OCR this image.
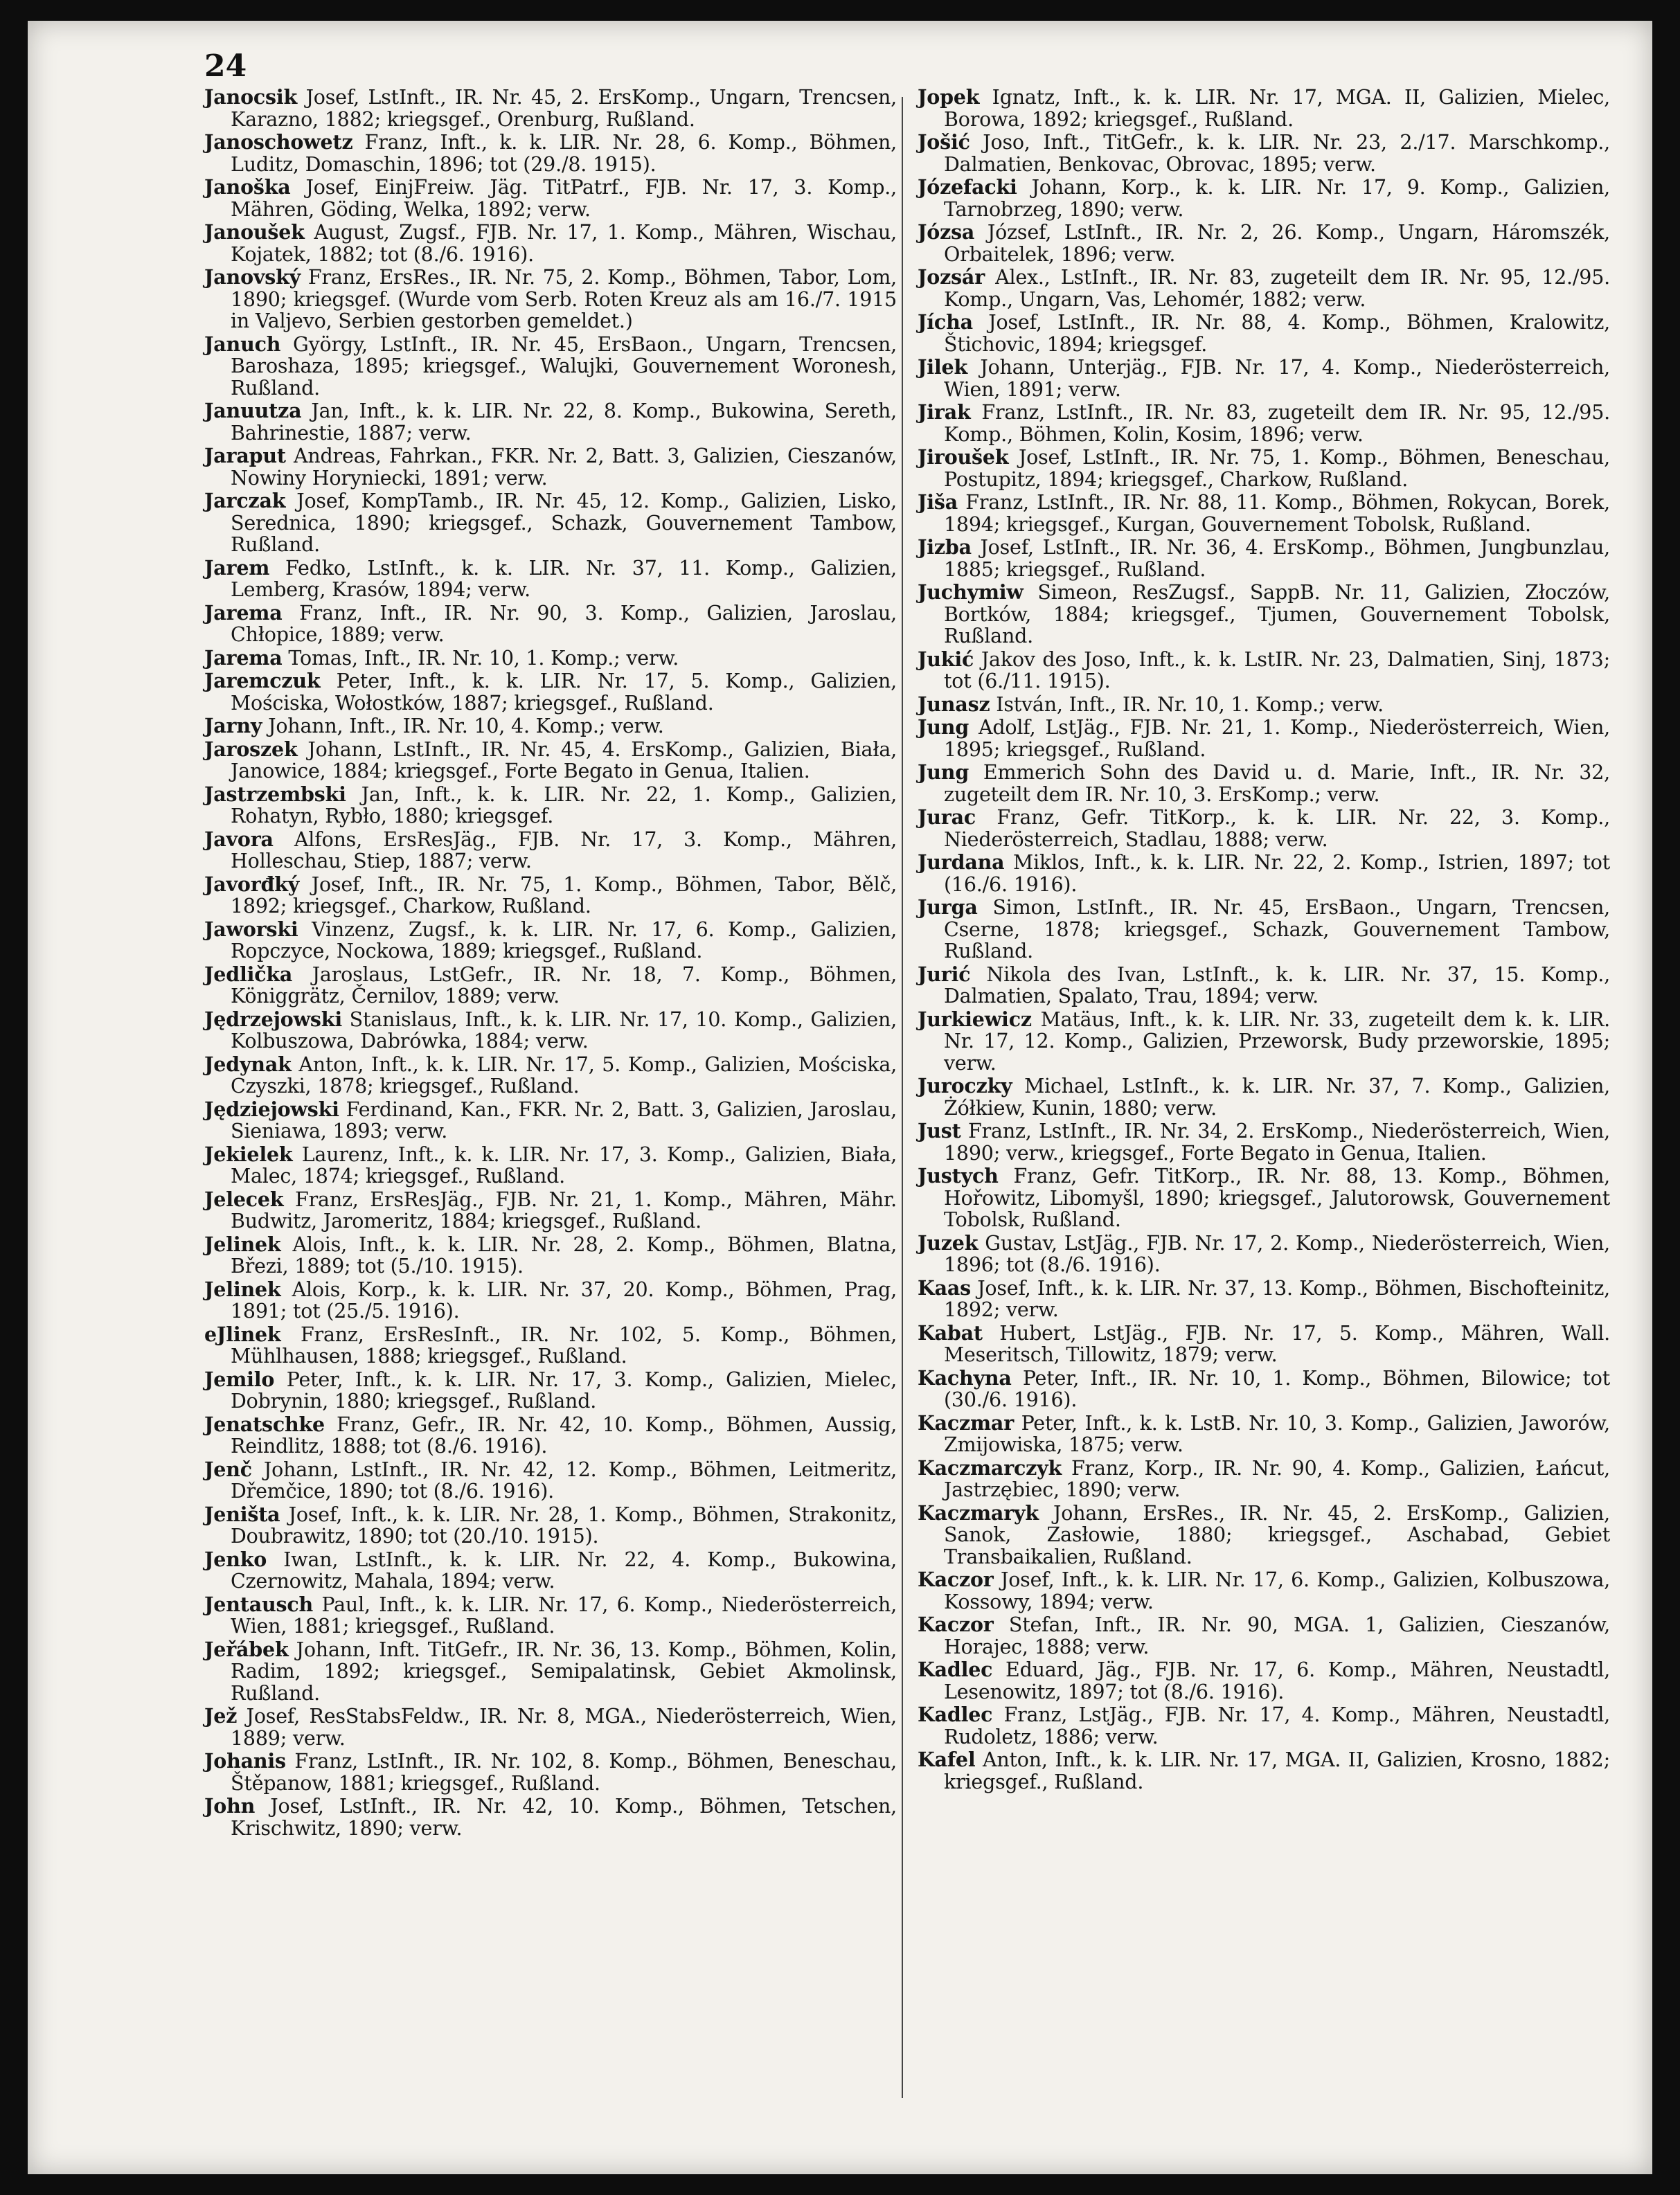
24

Janocsik Josef, LstInft., IR. Nr. 45, 2. ErsKomp., Ungarn, Trencsen, Karazno, 1882; kriegsgef., Orenburg, Rußland.

Janoschowetz Franz, Inft., k. k. LIR. Nr. 28, 6. Komp., Böhmen, Luditz, Domaschin, 1896; tot (29./8. 1915).

Janoška Josef, EinjFreiw. Jäg. TitPatrf., FJB. Nr. 17, 3. Komp., Mähren, Göding, Welka, 1892; verw.

Janoušek August, Zugsf., FJB. Nr. 17, 1. Komp., Mähren, Wischau, Kojatek, 1882; tot (8./6. 1916).

Janovský Franz, ErsRes., IR. Nr. 75, 2. Komp., Böhmen, Tabor, Lom, 1890; kriegsgef. (Wurde vom Serb. Roten Kreuz als am 16./7. 1915 in Valjevo, Serbien gestorben gemeldet.)

Januch György, LstInft., IR. Nr. 45, ErsBaon., Ungarn, Trencsen, Baroshaza, 1895; kriegsgef., Walujki, Gouvernement Woronesh, Rußland.

Januutza Jan, Inft., k. k. LIR. Nr. 22, 8. Komp., Bukowina, Sereth, Bahrinestie, 1887; verw.

Jaraput Andreas, Fahrkan., FKR. Nr. 2, Batt. 3, Galizien, Cieszanów, Nowiny Horyniecki, 1891; verw.

Jarczak Josef, KompTamb., IR. Nr. 45, 12. Komp., Galizien, Lisko, Serednica, 1890; kriegsgef., Schazk, Gouvernement Tambow, Rußland.

Jarem Fedko, LstInft., k. k. LIR. Nr. 37, 11. Komp., Galizien, Lemberg, Krasów, 1894; verw.

Jarema Franz, Inft., IR. Nr. 90, 3. Komp., Galizien, Jaroslau, Chłopice, 1889; verw.

Jarema Tomas, Inft., IR. Nr. 10, 1. Komp.; verw.

Jaremczuk Peter, Inft., k. k. LIR. Nr. 17, 5. Komp., Galizien, Mościska, Wołostków, 1887; kriegsgef., Rußland.

Jarny Johann, Inft., IR. Nr. 10, 4. Komp.; verw.

Jaroszek Johann, LstInft., IR. Nr. 45, 4. ErsKomp., Galizien, Biała, Janowice, 1884; kriegsgef., Forte Begato in Genua, Italien.

Jastrzembski Jan, Inft., k. k. LIR. Nr. 22, 1. Komp., Galizien, Rohatyn, Rybło, 1880; kriegsgef.

Javora Alfons, ErsResJäg., FJB. Nr. 17, 3. Komp., Mähren, Holleschau, Stiep, 1887; verw.

Javorđký Josef, Inft., IR. Nr. 75, 1. Komp., Böhmen, Tabor, Bělč, 1892; kriegsgef., Charkow, Rußland.

Jaworski Vinzenz, Zugsf., k. k. LIR. Nr. 17, 6. Komp., Galizien, Ropczyce, Nockowa, 1889; kriegsgef., Rußland.

Jedlička Jaroslaus, LstGefr., IR. Nr. 18, 7. Komp., Böhmen, Königgrätz, Černilov, 1889; verw.

Jędrzejowski Stanislaus, Inft., k. k. LIR. Nr. 17, 10. Komp., Galizien, Kolbuszowa, Dabrówka, 1884; verw.

Jedynak Anton, Inft., k. k. LIR. Nr. 17, 5. Komp., Galizien, Mościska, Czyszki, 1878; kriegsgef., Rußland.

Jędziejowski Ferdinand, Kan., FKR. Nr. 2, Batt. 3, Galizien, Jaroslau, Sieniawa, 1893; verw.

Jekielek Laurenz, Inft., k. k. LIR. Nr. 17, 3. Komp., Galizien, Biała, Malec, 1874; kriegsgef., Rußland.

Jelecek Franz, ErsResJäg., FJB. Nr. 21, 1. Komp., Mähren, Mähr. Budwitz, Jaromeritz, 1884; kriegsgef., Rußland.

Jelinek Alois, Inft., k. k. LIR. Nr. 28, 2. Komp., Böhmen, Blatna, Březi, 1889; tot (5./10. 1915).

Jelinek Alois, Korp., k. k. LIR. Nr. 37, 20. Komp., Böhmen, Prag, 1891; tot (25./5. 1916).

eJlinek Franz, ErsResInft., IR. Nr. 102, 5. Komp., Böhmen, Mühlhausen, 1888; kriegsgef., Rußland.

Jemilo Peter, Inft., k. k. LIR. Nr. 17, 3. Komp., Galizien, Mielec, Dobrynin, 1880; kriegsgef., Rußland.

Jenatschke Franz, Gefr., IR. Nr. 42, 10. Komp., Böhmen, Aussig, Reindlitz, 1888; tot (8./6. 1916).

Jenč Johann, LstInft., IR. Nr. 42, 12. Komp., Böhmen, Leitmeritz, Dřemčice, 1890; tot (8./6. 1916).

Jeništa Josef, Inft., k. k. LIR. Nr. 28, 1. Komp., Böhmen, Strakonitz, Doubrawitz, 1890; tot (20./10. 1915).

Jenko Iwan, LstInft., k. k. LIR. Nr. 22, 4. Komp., Bukowina, Czernowitz, Mahala, 1894; verw.

Jentausch Paul, Inft., k. k. LIR. Nr. 17, 6. Komp., Niederösterreich, Wien, 1881; kriegsgef., Rußland.

Jeřábek Johann, Inft. TitGefr., IR. Nr. 36, 13. Komp., Böhmen, Kolin, Radim, 1892; kriegsgef., Semipalatinsk, Gebiet Akmolinsk, Rußland.

Jež Josef, ResStabsFeldw., IR. Nr. 8, MGA., Niederösterreich, Wien, 1889; verw.

Johanis Franz, LstInft., IR. Nr. 102, 8. Komp., Böhmen, Beneschau, Štěpanow, 1881; kriegsgef., Rußland.

John Josef, LstInft., IR. Nr. 42, 10. Komp., Böhmen, Tetschen, Krischwitz, 1890; verw.

Jopek Ignatz, Inft., k. k. LIR. Nr. 17, MGA. II, Galizien, Mielec, Borowa, 1892; kriegsgef., Rußland.

Jošić Joso, Inft., TitGefr., k. k. LIR. Nr. 23, 2./17. Marschkomp., Dalmatien, Benkovac, Obrovac, 1895; verw.

Józefacki Johann, Korp., k. k. LIR. Nr. 17, 9. Komp., Galizien, Tarnobrzeg, 1890; verw.

Józsa József, LstInft., IR. Nr. 2, 26. Komp., Ungarn, Háromszék, Orbaitelek, 1896; verw.

Jozsár Alex., LstInft., IR. Nr. 83, zugeteilt dem IR. Nr. 95, 12./95. Komp., Ungarn, Vas, Lehomér, 1882; verw.

Jícha Josef, LstInft., IR. Nr. 88, 4. Komp., Böhmen, Kralowitz, Štichovic, 1894; kriegsgef.

Jilek Johann, Unterjäg., FJB. Nr. 17, 4. Komp., Niederösterreich, Wien, 1891; verw.

Jirak Franz, LstInft., IR. Nr. 83, zugeteilt dem IR. Nr. 95, 12./95. Komp., Böhmen, Kolin, Kosim, 1896; verw.

Jiroušek Josef, LstInft., IR. Nr. 75, 1. Komp., Böhmen, Beneschau, Postupitz, 1894; kriegsgef., Charkow, Rußland.

Jiša Franz, LstInft., IR. Nr. 88, 11. Komp., Böhmen, Rokycan, Borek, 1894; kriegsgef., Kurgan, Gouvernement Tobolsk, Rußland.

Jizba Josef, LstInft., IR. Nr. 36, 4. ErsKomp., Böhmen, Jungbunzlau, 1885; kriegsgef., Rußland.

Juchymiw Simeon, ResZugsf., SappB. Nr. 11, Galizien, Złoczów, Bortków, 1884; kriegsgef., Tjumen, Gouvernement Tobolsk, Rußland.

Jukić Jakov des Joso, Inft., k. k. LstIR. Nr. 23, Dalmatien, Sinj, 1873; tot (6./11. 1915).

Junasz István, Inft., IR. Nr. 10, 1. Komp.; verw.

Jung Adolf, LstJäg., FJB. Nr. 21, 1. Komp., Niederösterreich, Wien, 1895; kriegsgef., Rußland.

Jung Emmerich Sohn des David u. d. Marie, Inft., IR. Nr. 32, zugeteilt dem IR. Nr. 10, 3. ErsKomp.; verw.

Jurac Franz, Gefr. TitKorp., k. k. LIR. Nr. 22, 3. Komp., Niederösterreich, Stadlau, 1888; verw.

Jurdana Miklos, Inft., k. k. LIR. Nr. 22, 2. Komp., Istrien, 1897; tot (16./6. 1916).

Jurga Simon, LstInft., IR. Nr. 45, ErsBaon., Ungarn, Trencsen, Cserne, 1878; kriegsgef., Schazk, Gouvernement Tambow, Rußland.

Jurić Nikola des Ivan, LstInft., k. k. LIR. Nr. 37, 15. Komp., Dalmatien, Spalato, Trau, 1894; verw.

Jurkiewicz Matäus, Inft., k. k. LIR. Nr. 33, zugeteilt dem k. k. LIR. Nr. 17, 12. Komp., Galizien, Przeworsk, Budy przeworskie, 1895; verw.

Juroczky Michael, LstInft., k. k. LIR. Nr. 37, 7. Komp., Galizien, Żółkiew, Kunin, 1880; verw.

Just Franz, LstInft., IR. Nr. 34, 2. ErsKomp., Niederösterreich, Wien, 1890; verw., kriegsgef., Forte Begato in Genua, Italien.

Justych Franz, Gefr. TitKorp., IR. Nr. 88, 13. Komp., Böhmen, Hořowitz, Libomyšl, 1890; kriegsgef., Jalutorowsk, Gouvernement Tobolsk, Rußland.

Juzek Gustav, LstJäg., FJB. Nr. 17, 2. Komp., Niederösterreich, Wien, 1896; tot (8./6. 1916).

Kaas Josef, Inft., k. k. LIR. Nr. 37, 13. Komp., Böhmen, Bischofteinitz, 1892; verw.

Kabat Hubert, LstJäg., FJB. Nr. 17, 5. Komp., Mähren, Wall. Meseritsch, Tillowitz, 1879; verw.

Kachyna Peter, Inft., IR. Nr. 10, 1. Komp., Böhmen, Bilowice; tot (30./6. 1916).

Kaczmar Peter, Inft., k. k. LstB. Nr. 10, 3. Komp., Galizien, Jaworów, Zmijowiska, 1875; verw.

Kaczmarczyk Franz, Korp., IR. Nr. 90, 4. Komp., Galizien, Łańcut, Jastrzębiec, 1890; verw.

Kaczmaryk Johann, ErsRes., IR. Nr. 45, 2. ErsKomp., Galizien, Sanok, Zasłowie, 1880; kriegsgef., Aschabad, Gebiet Transbaikalien, Rußland.

Kaczor Josef, Inft., k. k. LIR. Nr. 17, 6. Komp., Galizien, Kolbuszowa, Kossowy, 1894; verw.

Kaczor Stefan, Inft., IR. Nr. 90, MGA. 1, Galizien, Cieszanów, Horajec, 1888; verw.

Kadlec Eduard, Jäg., FJB. Nr. 17, 6. Komp., Mähren, Neustadtl, Lesenowitz, 1897; tot (8./6. 1916).

Kadlec Franz, LstJäg., FJB. Nr. 17, 4. Komp., Mähren, Neustadtl, Rudoletz, 1886; verw.

Kafel Anton, Inft., k. k. LIR. Nr. 17, MGA. II, Galizien, Krosno, 1882; kriegsgef., Rußland.
